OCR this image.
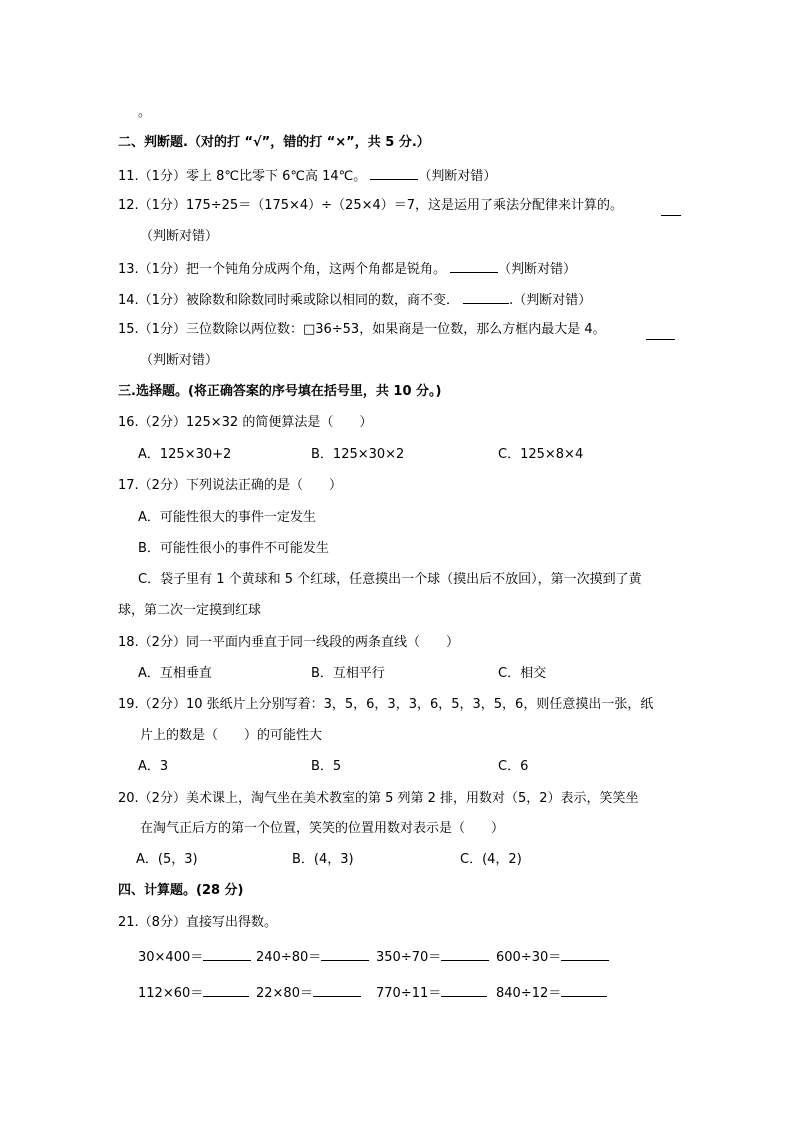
。
二、判断题.（对的打 “√”，错的打 “×”，共 5 分.）
11.（1分）零上 8℃比零下 6℃高 14℃。	（判断对错）
12.（1分）175÷25＝（175×4）÷（25×4）＝7，这是运用了乘法分配律来计算的。
（判断对错）
13.（1分）把一个钝角分成两个角，这两个角都是锐角。	（判断对错）
14.（1分）被除数和除数同时乘或除以相同的数，商不变．	.（判断对错）
15.（1分）三位数除以两位数：□36÷53，如果商是一位数，那么方框内最大是 4。
（判断对错）
三.选择题。(将正确答案的序号填在括号里，共 10 分。)
16.（2分）125×32 的简便算法是（　　）
A．125×30+2	B．125×30×2	C．125×8×4
17.（2分）下列说法正确的是（　　）
A．可能性很大的事件一定发生
B．可能性很小的事件不可能发生
C．袋子里有 1 个黄球和 5 个红球，任意摸出一个球（摸出后不放回），第一次摸到了黄
球，第二次一定摸到红球
18.（2分）同一平面内垂直于同一线段的两条直线（　　）
A．互相垂直	B．互相平行	C．相交
19.（2分）10 张纸片上分别写着：3，5，6，3，3，6，5，3，5，6，则任意摸出一张，纸
片上的数是（　　）的可能性大
A．3	B．5	C．6
20.（2分）美术课上，淘气坐在美术教室的第 5 列第 2 排，用数对（5，2）表示，笑笑坐
在淘气正后方的第一个位置，笑笑的位置用数对表示是（　　）
A．(5，3)	B．(4，3)	C．(4，2)
四、计算题。(28 分)
21.（8分）直接写出得数。
30×400＝	240÷80＝	350÷70＝	600÷30＝
112×60＝	22×80＝	770÷11＝	840÷12＝
